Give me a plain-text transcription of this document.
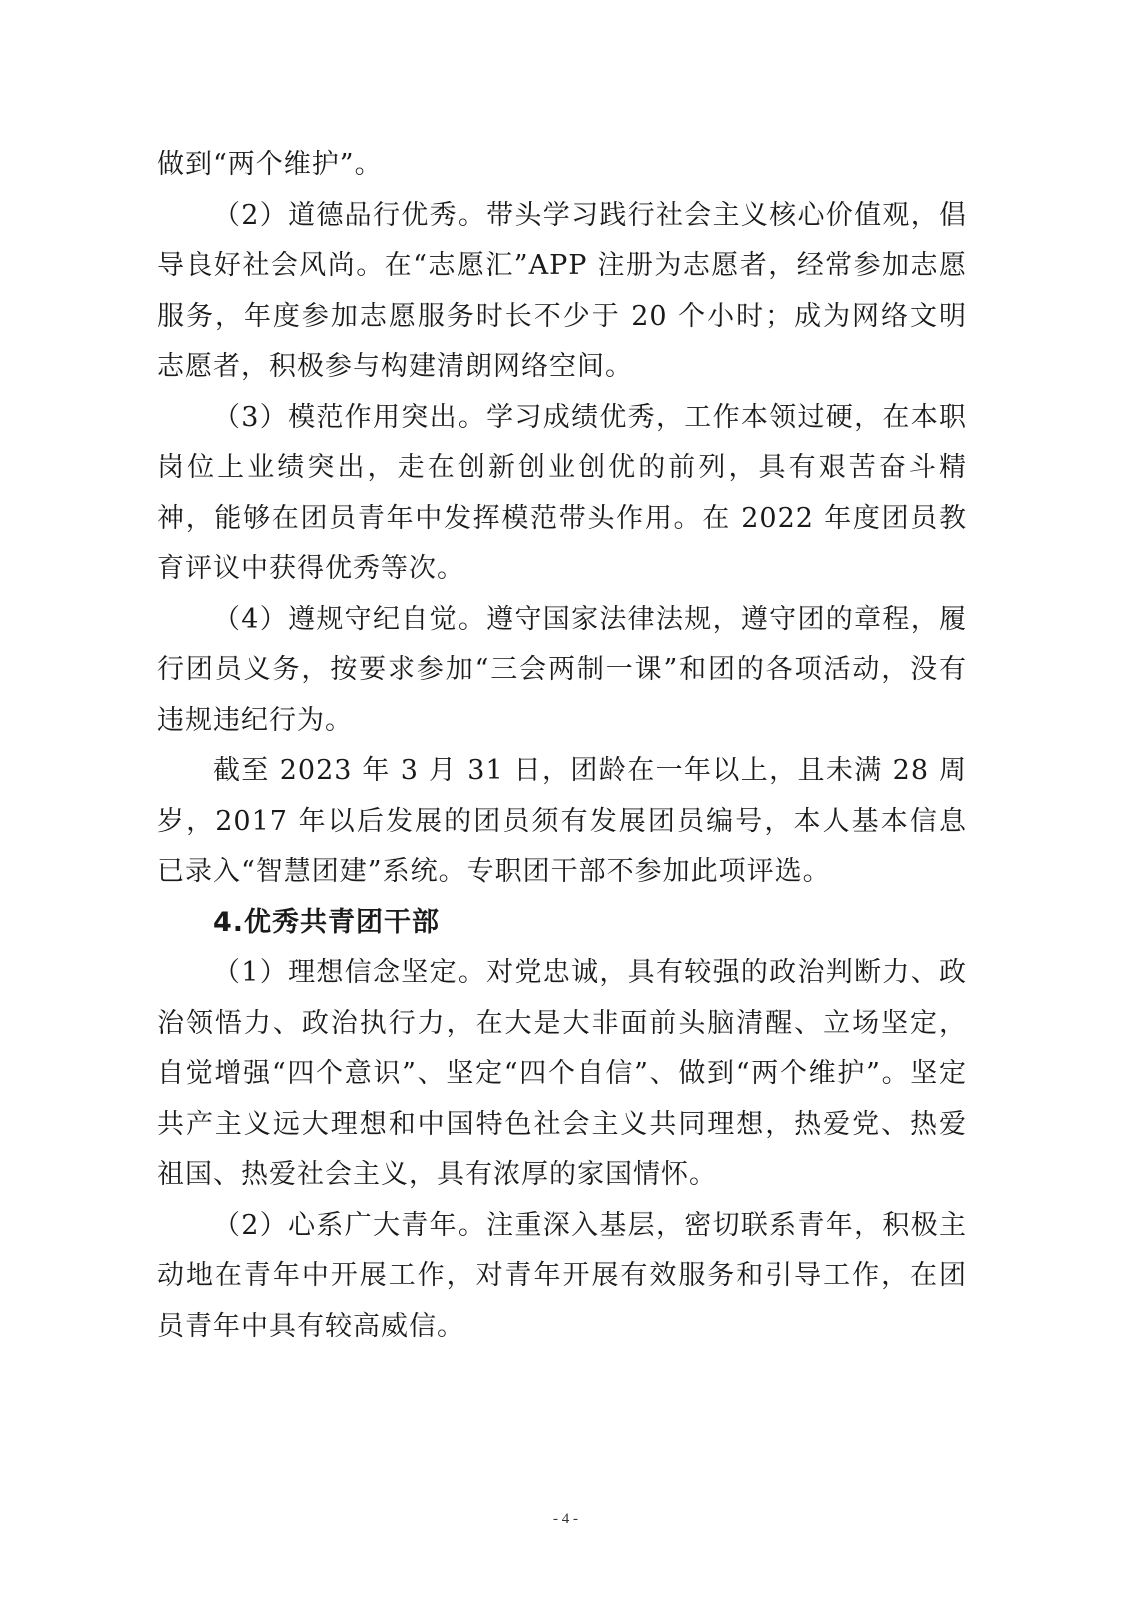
做到“两个维护”。

（2）道德品行优秀。带头学习践行社会主义核心价值观，倡导良好社会风尚。在“志愿汇”APP 注册为志愿者，经常参加志愿服务，年度参加志愿服务时长不少于 20 个小时；成为网络文明志愿者，积极参与构建清朗网络空间。

（3）模范作用突出。学习成绩优秀，工作本领过硬，在本职岗位上业绩突出，走在创新创业创优的前列，具有艰苦奋斗精神，能够在团员青年中发挥模范带头作用。在 2022 年度团员教育评议中获得优秀等次。

（4）遵规守纪自觉。遵守国家法律法规，遵守团的章程，履行团员义务，按要求参加“三会两制一课”和团的各项活动，没有违规违纪行为。

截至 2023 年 3 月 31 日，团龄在一年以上，且未满 28 周岁，2017 年以后发展的团员须有发展团员编号，本人基本信息已录入“智慧团建”系统。专职团干部不参加此项评选。

4.优秀共青团干部

（1）理想信念坚定。对党忠诚，具有较强的政治判断力、政治领悟力、政治执行力，在大是大非面前头脑清醒、立场坚定，自觉增强“四个意识”、坚定“四个自信”、做到“两个维护”。坚定共产主义远大理想和中国特色社会主义共同理想，热爱党、热爱祖国、热爱社会主义，具有浓厚的家国情怀。

（2）心系广大青年。注重深入基层，密切联系青年，积极主动地在青年中开展工作，对青年开展有效服务和引导工作，在团员青年中具有较高威信。

- 4 -
